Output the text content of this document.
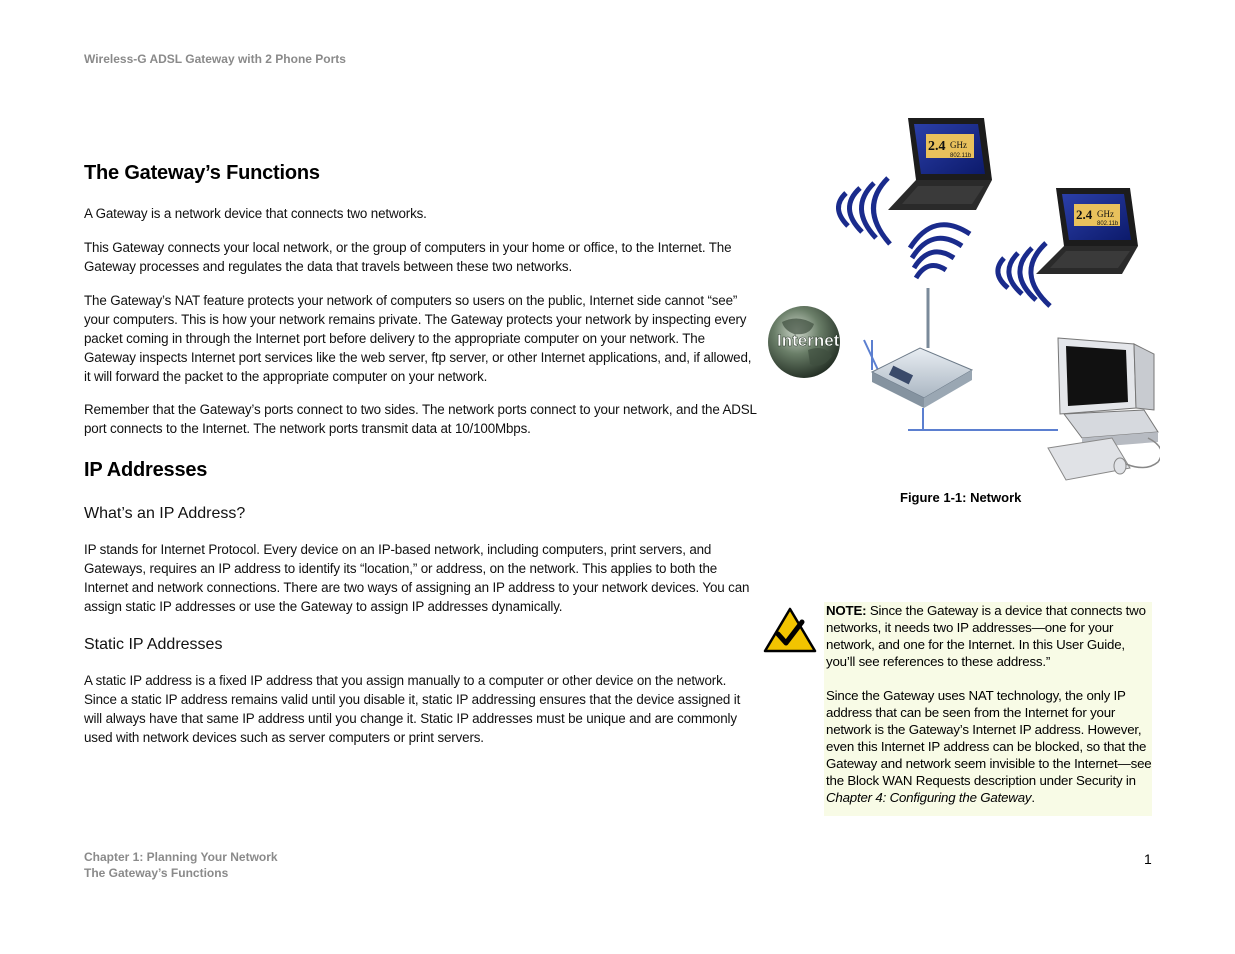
Wireless-G ADSL Gateway with 2 Phone Ports
The Gateway’s Functions
A Gateway is a network device that connects two networks.
This Gateway connects your local network, or the group of computers in your home or office, to the Internet. The Gateway processes and regulates the data that travels between these two networks.
The Gateway’s NAT feature protects your network of computers so users on the public, Internet side cannot “see” your computers. This is how your network remains private. The Gateway protects your network by inspecting every packet coming in through the Internet port before delivery to the appropriate computer on your network. The Gateway inspects Internet port services like the web server, ftp server, or other Internet applications, and, if allowed, it will forward the packet to the appropriate computer on your network.
Remember that the Gateway’s ports connect to two sides. The network ports connect to your network, and the ADSL port connects to the Internet. The network ports transmit data at 10/100Mbps.
IP Addresses
What’s an IP Address?
IP stands for Internet Protocol. Every device on an IP-based network, including computers, print servers, and Gateways, requires an IP address to identify its “location,” or address, on the network. This applies to both the Internet and network connections. There are two ways of assigning an IP address to your network devices. You can assign static IP addresses or use the Gateway to assign IP addresses dynamically.
Static IP Addresses
A static IP address is a fixed IP address that you assign manually to a computer or other device on the network. Since a static IP address remains valid until you disable it, static IP addressing ensures that the device assigned it will always have that same IP address until you change it. Static IP addresses must be unique and are commonly used with network devices such as server computers or print servers.
2.4 GHz
802.11b
2.4 GHz
802.11b
Internet
Figure 1-1: Network

NOTE: Since the Gateway is a device that connects two networks, it needs two IP addresses—one for your network, and one for the Internet. In this User Guide, you’ll see references to these address.”

Since the Gateway uses NAT technology, the only IP address that can be seen from the Internet for your network is the Gateway’s Internet IP address. However, even this Internet IP address can be blocked, so that the Gateway and network seem invisible to the Internet—see the Block WAN Requests description under Security in Chapter 4: Configuring the Gateway.

Chapter 1: Planning Your Network
The Gateway’s Functions
1
